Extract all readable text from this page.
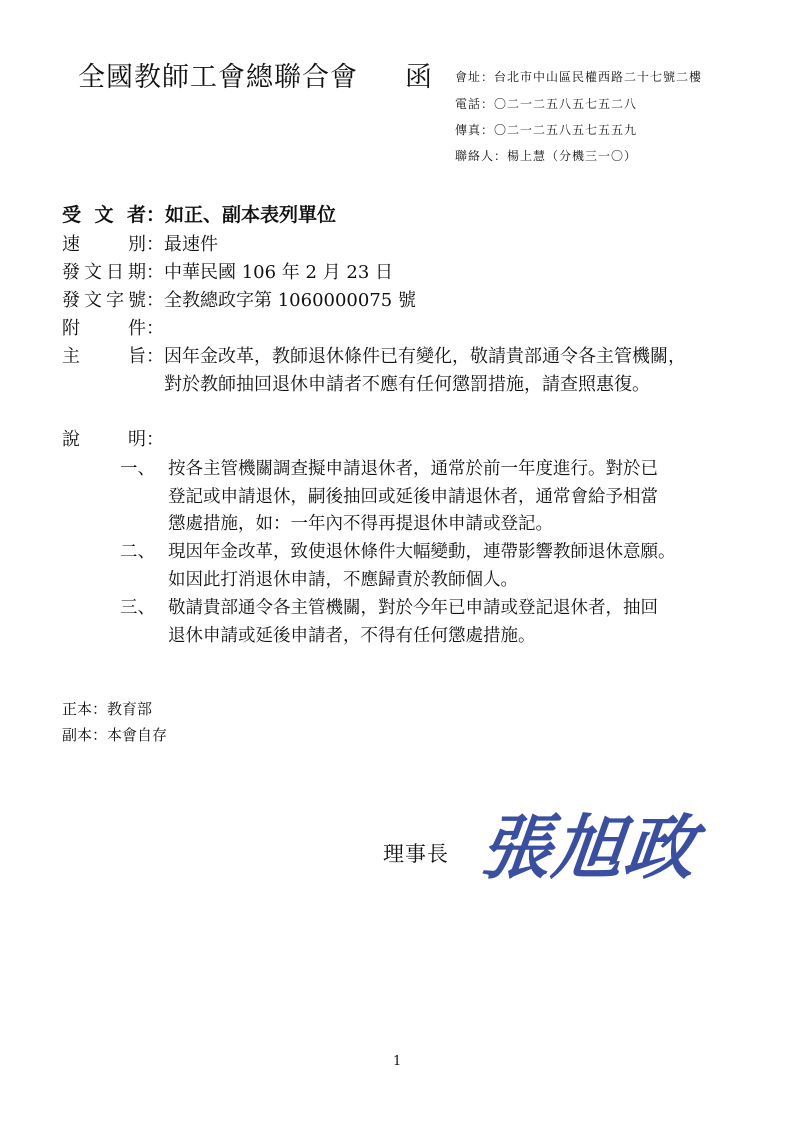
全國教師工會總聯合會 函 會址：台北市中山區民權西路二十七號二樓
電話：〇二一二五八五七五二八
傳真：〇二一二五八五七五五九
聯絡人：楊上慧（分機三一〇）
受 文 者：如正、副本表列單位
速　　別：最速件
發文日期：中華民國 106 年 2 月 23 日
發文字號：全教總政字第 1060000075 號
附　　件：
主　　旨：因年金改革，教師退休條件已有變化，敬請貴部通令各主管機關，
對於教師抽回退休申請者不應有任何懲罰措施，請查照惠復。
說　　明：
一、 按各主管機關調查擬申請退休者，通常於前一年度進行。對於已
登記或申請退休，嗣後抽回或延後申請退休者，通常會給予相當
懲處措施，如：一年內不得再提退休申請或登記。
二、 現因年金改革，致使退休條件大幅變動，連帶影響教師退休意願。
如因此打消退休申請，不應歸責於教師個人。
三、 敬請貴部通令各主管機關，對於今年已申請或登記退休者，抽回
退休申請或延後申請者，不得有任何懲處措施。
正本：教育部
副本：本會自存
理事長 張旭政
1
